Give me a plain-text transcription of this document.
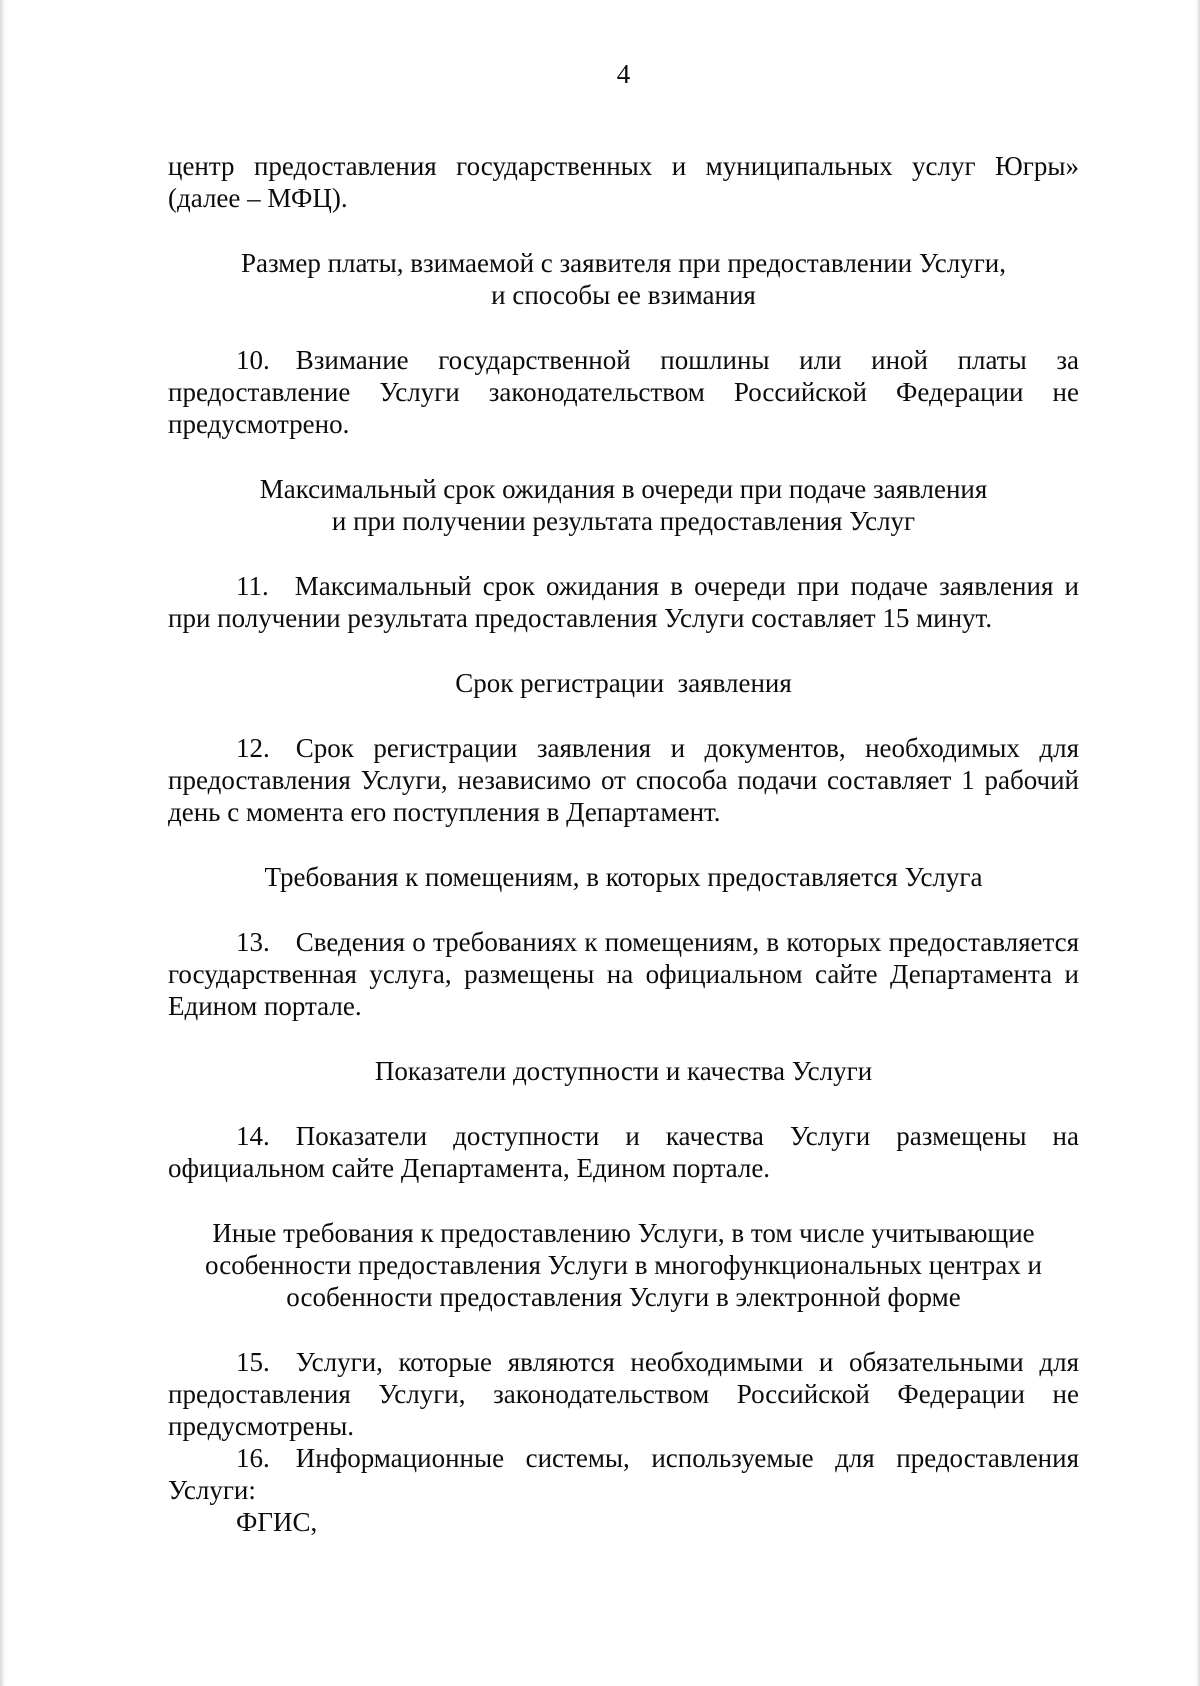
4

центр предоставления государственных и муниципальных услуг Югры»
(далее – МФЦ).

Размер платы, взимаемой с заявителя при предоставлении Услуги,
и способы ее взимания

10. Взимание государственной пошлины или иной платы за предоставление Услуги законодательством Российской Федерации не предусмотрено.

Максимальный срок ожидания в очереди при подаче заявления
и при получении результата предоставления Услуг

11. Максимальный срок ожидания в очереди при подаче заявления и при получении результата предоставления Услуги составляет 15 минут.

Срок регистрации  заявления

12. Срок регистрации заявления и документов, необходимых для предоставления Услуги, независимо от способа подачи составляет 1 рабочий день с момента его поступления в Департамент.

Требования к помещениям, в которых предоставляется Услуга

13. Сведения о требованиях к помещениям, в которых предоставляется государственная услуга, размещены на официальном сайте Департамента и Едином портале.

Показатели доступности и качества Услуги

14. Показатели доступности и качества Услуги размещены на официальном сайте Департамента, Едином портале.

Иные требования к предоставлению Услуги, в том числе учитывающие
особенности предоставления Услуги в многофункциональных центрах и
особенности предоставления Услуги в электронной форме

15. Услуги, которые являются необходимыми и обязательными для предоставления Услуги, законодательством Российской Федерации не предусмотрены.

16. Информационные системы, используемые для предоставления Услуги:

ФГИС,
